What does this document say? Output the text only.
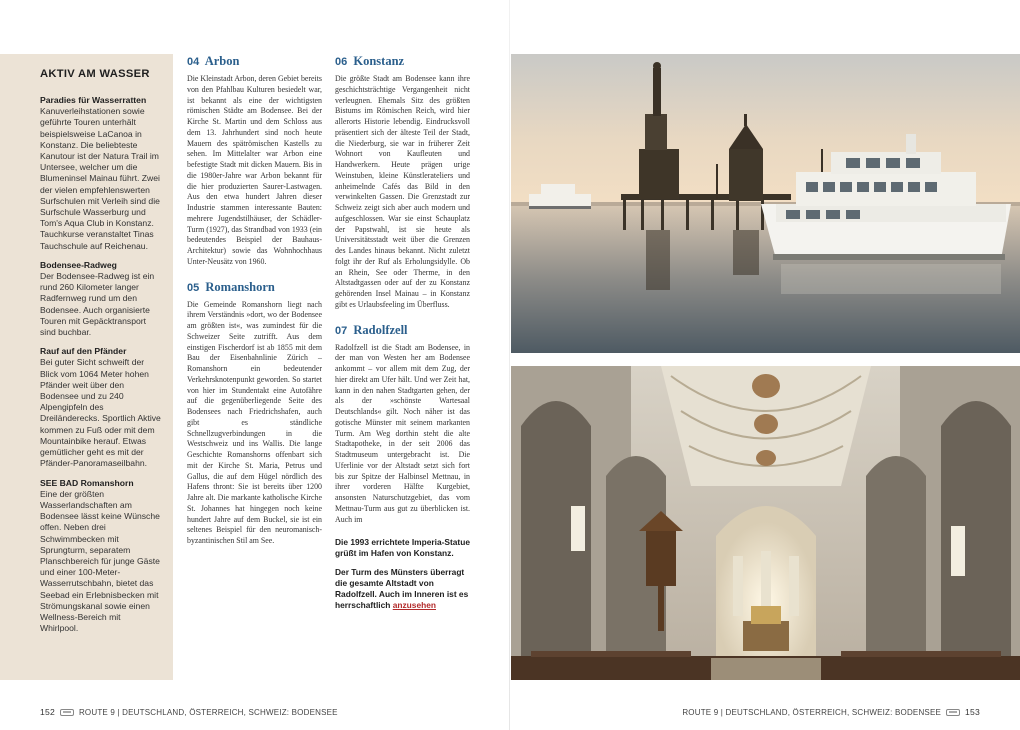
AKTIV AM WASSER
Paradies für Wasserratten
Kanuverleihstationen sowie geführte Touren unterhält beispielsweise LaCanoa in Konstanz. Die beliebteste Kanutour ist der Natura Trail im Untersee, welcher um die Blumeninsel Mainau führt. Zwei der vielen empfehlenswerten Surfschulen mit Verleih sind die Surfschule Wasserburg und Tom's Aqua Club in Konstanz. Tauchkurse veranstaltet Tinas Tauchschule auf Reichenau.
Bodensee-Radweg
Der Bodensee-Radweg ist ein rund 260 Kilometer langer Radfernweg rund um den Bodensee. Auch organisierte Touren mit Gepäcktransport sind buchbar.
Rauf auf den Pfänder
Bei guter Sicht schweift der Blick vom 1064 Meter hohen Pfänder weit über den Bodensee und zu 240 Alpengipfeln des Dreiländerecks. Sportlich Aktive kommen zu Fuß oder mit dem Mountainbike herauf. Etwas gemütlicher geht es mit der Pfänder-Panoramaseilbahn.
SEE BAD Romanshorn
Eine der größten Wasserlandschaften am Bodensee lässt keine Wünsche offen. Neben drei Schwimmbecken mit Sprungturm, separatem Planschbereich für junge Gäste und einer 100-Meter-Wasserrutschbahn, bietet das Seebad ein Erlebnisbecken mit Strömungskanal sowie einen Wellness-Bereich mit Whirlpool.
04 Arbon

Die Kleinstadt Arbon, deren Gebiet bereits von den Pfahlbau Kulturen besiedelt war, ist bekannt als eine der wichtigsten römischen Städte am Bodensee. Bei der Kirche St. Martin und dem Schloss aus dem 13. Jahrhundert sind noch heute Mauern des spätrömischen Kastells zu sehen. Im Mittelalter war Arbon eine befestigte Stadt mit dicken Mauern. Bis in die 1980er-Jahre war Arbon bekannt für die hier produzierten Saurer-Lastwagen. Aus den etwa hundert Jahren dieser Industrie stammen interessante Bauten: mehrere Jugendstilhäuser, der Schädler-Turm (1927), das Strandbad von 1933 (ein bedeutendes Beispiel der Bauhaus-Architektur) sowie das Wohnhochhaus Unter-Neusätz von 1960.

05 Romanshorn

Die Gemeinde Romanshorn liegt nach ihrem Verständnis »dort, wo der Bodensee am größten ist«, was zumindest für die Schweizer Seite zutrifft. Aus dem einstigen Fischerdorf ist ab 1855 mit dem Bau der Eisenbahnlinie Zürich – Romanshorn ein bedeutender Verkehrsknotenpunkt geworden. So startet von hier im Stundentakt eine Autofähre auf die gegenüberliegende Seite des Bodensees nach Friedrichshafen, auch gibt es ständliche Schnellzugverbindungen in die Westschweiz und ins Wallis. Die lange Geschichte Romanshorns offenbart sich mit der Kirche St. Maria, Petrus und Gallus, die auf dem Hügel nördlich des Hafens thront: Sie ist bereits über 1200 Jahre alt. Die markante katholische Kirche St. Johannes hat hingegen noch keine hundert Jahre auf dem Buckel, sie ist ein seltenes Beispiel für den neuromanisch-byzantinischen Stil am See.

06 Konstanz

Die größte Stadt am Bodensee kann ihre geschichtsträchtige Vergangenheit nicht verleugnen. Ehemals Sitz des größten Bistums im Römischen Reich, wird hier allerorts Historie lebendig. Eindrucksvoll präsentiert sich der älteste Teil der Stadt, die Niederburg, sie war in früherer Zeit Wohnort von Kaufleuten und Handwerkern. Heute prägen urige Weinstuben, kleine Künstlerateliers und anheimelnde Cafés das Bild in den verwinkelten Gassen. Die Grenzstadt zur Schweiz zeigt sich aber auch modern und aufgeschlossen. War sie einst Schauplatz der Papstwahl, ist sie heute als Universitätsstadt weit über die Grenzen des Landes hinaus bekannt. Nicht zuletzt folgt ihr der Ruf als Erholungsidylle. Ob an Rhein, See oder Therme, in den Altstadtgassen oder auf der zu Konstanz gehörenden Insel Mainau – in Konstanz gibt es Urlaubsfeeling im Überfluss.

07 Radolfzell

Radolfzell ist die Stadt am Bodensee, in der man von Westen her am Bodensee ankommt – vor allem mit dem Zug, der hier direkt am Ufer hält. Und wer Zeit hat, kann in den nahen Stadtgarten gehen, der als der »schönste Wartesaal Deutschlands« gilt. Noch näher ist das gotische Münster mit seinem markanten Turm. Am Weg dorthin steht die alte Stadtapotheke, in der seit 2006 das Stadtmuseum untergebracht ist. Die Uferlinie vor der Altstadt setzt sich fort bis zur Spitze der Halbinsel Mettnau, in ihrer vorderen Hälfte Kurgebiet, ansonsten Naturschutzgebiet, das vom Mettnau-Turm aus gut zu überblicken ist. Auch im

Die 1993 errichtete Imperia-Statue grüßt im Hafen von Konstanz.

Der Turm des Münsters überragt die gesamte Altstadt von Radolfzell. Auch im Inneren ist es herrschaftlich anzusehen

152	ROUTE 9 | DEUTSCHLAND, ÖSTERREICH, SCHWEIZ: BODENSEE	ROUTE 9 | DEUTSCHLAND, ÖSTERREICH, SCHWEIZ: BODENSEE	153
